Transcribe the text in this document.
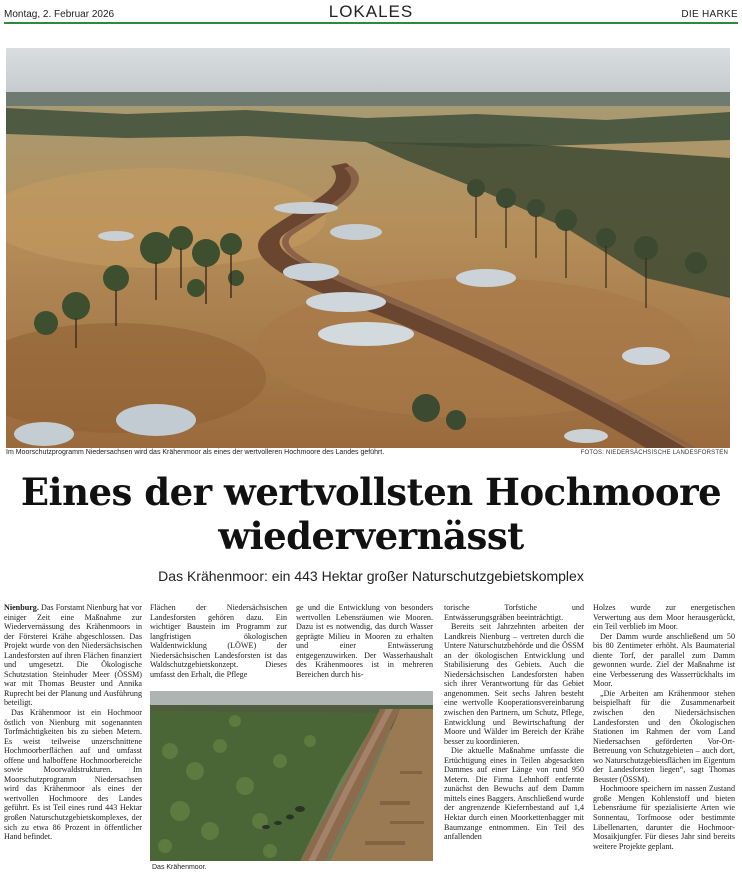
Montag, 2. Februar 2026	LOKALES	DIE HARKE
Im Moorschutzprogramm Niedersachsen wird das Krähenmoor als eines der wertvolleren Hochmoore des Landes geführt.	FOTOS: NIEDERSÄCHSISCHE LANDESFORSTEN
Eines der wertvollsten Hochmoore
wiedervernässt
Das Krähenmoor: ein 443 Hektar großer Naturschutzgebietskomplex

Nienburg. Das Forstamt Nienburg hat vor einiger Zeit eine Maßnahme zur Wiedervernässung des Krähenmoors in der Försterei Krähe abgeschlossen. Das Projekt wurde von den Niedersächsischen Landesforsten auf ihren Flächen finanziert und umgesetzt. Die Ökologische Schutzstation Steinhuder Meer (ÖSSM) war mit Thomas Beuster und Annika Ruprecht bei der Planung und Ausführung beteiligt.

Das Krähenmoor ist ein Hochmoor östlich von Nienburg mit sogenannten Torfmächtigkeiten bis zu sieben Metern. Es weist teilweise unzerschnittene Hochmoorberflächen auf und umfasst offene und halboffene Hochmoorbereiche sowie Moorwaldstrukturen. Im Moorschutzprogramm Niedersachsen wird das Krähenmoor als eines der wertvollen Hochmoore des Landes geführt. Es ist Teil eines rund 443 Hektar großen Naturschutzgebietskomplexes, der sich zu etwa 86 Prozent in öffentlicher Hand befindet.

Flächen der Niedersächsischen Landesforsten gehören dazu. Ein wichtiger Baustein im Programm zur langfristigen ökologischen Waldentwicklung (LÖWE) der Niedersächsischen Landesforsten ist das Waldschutzgebietskonzept. Dieses umfasst den Erhalt, die Pflege

ge und die Entwicklung von besonders wertvollen Lebensräumen wie Mooren. Dazu ist es notwendig, das durch Wasser geprägte Milieu in Mooren zu erhalten und einer Entwässerung entgegenzuwirken. Der Wasserhaushalt des Krähenmoores ist in mehreren Bereichen durch his-

Das Krähenmoor.

torische Torfstiche und Entwässerungsgräben beeinträchtigt.

Bereits seit Jahrzehnten arbeiten der Landkreis Nienburg – vertreten durch die Untere Naturschutzbehörde und die ÖSSM an der ökologischen Entwicklung und Stabilisierung des Gebiets. Auch die Niedersächsischen Landesforsten haben sich ihrer Verantwortung für das Gebiet angenommen. Seit sechs Jahren besteht eine wertvolle Kooperationsvereinbarung zwischen den Partnern, um Schutz, Pflege, Entwicklung und Bewirtschaftung der Moore und Wälder im Bereich der Krähe besser zu koordinieren.

Die aktuelle Maßnahme umfasste die Ertüchtigung eines in Teilen abgesackten Dammes auf einer Länge von rund 950 Metern. Die Firma Lehnhoff entfernte zunächst den Bewuchs auf dem Damm mittels eines Baggers. Anschließend wurde der angrenzende Kiefernbestand auf 1,4 Hektar durch einen Moorkettenbagger mit Baumzange entnommen. Ein Teil des anfallenden

Holzes wurde zur energetischen Verwertung aus dem Moor herausgerückt, ein Teil verblieb im Moor.

Der Damm wurde anschließend um 50 bis 80 Zentimeter erhöht. Als Baumaterial diente Torf, der parallel zum Damm gewonnen wurde. Ziel der Maßnahme ist eine Verbesserung des Wasserrückhalts im Moor.

„Die Arbeiten am Krähenmoor stehen beispielhaft für die Zusammenarbeit zwischen den Niedersächsischen Landesforsten und den Ökologischen Stationen im Rahmen der vom Land Niedersachsen geförderten Vor-Ort-Betreuung von Schutzgebieten – auch dort, wo Naturschutzgebietsflächen im Eigentum der Landesforsten liegen“, sagt Thomas Beuster (ÖSSM).

Hochmoore speichern im nassen Zustand große Mengen Kohlenstoff und bieten Lebensräume für spezialisierte Arten wie Sonnentau, Torfmoose oder bestimmte Libellenarten, darunter die Hochmoor-Mosaikjungfer. Für dieses Jahr sind bereits weitere Projekte geplant.
